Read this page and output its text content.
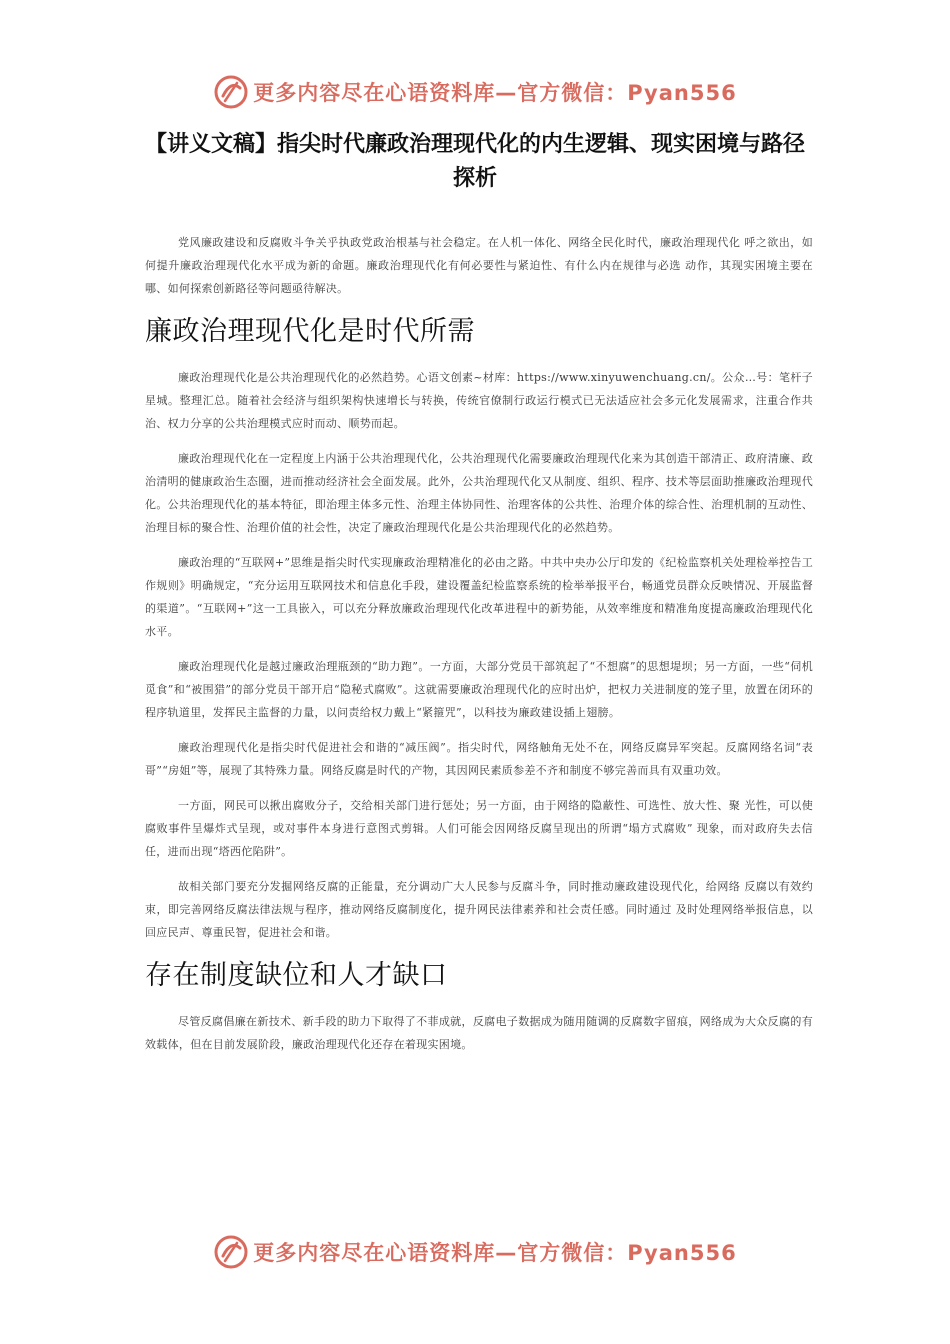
更多内容尽在心语资料库—官方微信：Pyan556
【讲义文稿】指尖时代廉政治理现代化的内生逻辑、现实困境与路径探析

党风廉政建设和反腐败斗争关乎执政党政治根基与社会稳定。在人机一体化、网络全民化时代，廉政治理现代化 呼之欲出，如何提升廉政治理现代化水平成为新的命题。廉政治理现代化有何必要性与紧迫性、有什么内在规律与必选 动作，其现实困境主要在哪、如何探索创新路径等问题亟待解决。

廉政治理现代化是时代所需

廉政治理现代化是公共治理现代化的必然趋势。心语文创素~材库：https://www.xinyuwenchuang.cn/。公众…号：笔杆子星城。整理汇总。随着社会经济与组织架构快速增长与转换，传统官僚制行政运行模式已无法适应社会多元化发展需求，注重合作共治、权力分享的公共治理模式应时而动、顺势而起。

廉政治理现代化在一定程度上内涵于公共治理现代化，公共治理现代化需要廉政治理现代化来为其创造干部清正、政府清廉、政治清明的健康政治生态圈，进而推动经济社会全面发展。此外，公共治理现代化又从制度、组织、程序、技术等层面助推廉政治理现代化。公共治理现代化的基本特征，即治理主体多元性、治理主体协同性、治理客体的公共性、治理介体的综合性、治理机制的互动性、治理目标的聚合性、治理价值的社会性，决定了廉政治理现代化是公共治理现代化的必然趋势。

廉政治理的“互联网+”思维是指尖时代实现廉政治理精准化的必由之路。中共中央办公厅印发的《纪检监察机关处理检举控告工作规则》明确规定，“充分运用互联网技术和信息化手段，建设覆盖纪检监察系统的检举举报平台，畅通党员群众反映情况、开展监督的渠道”。“互联网+”这一工具嵌入，可以充分释放廉政治理现代化改革进程中的新势能，从效率维度和精准角度提高廉政治理现代化水平。

廉政治理现代化是越过廉政治理瓶颈的“助力跑”。一方面，大部分党员干部筑起了“不想腐”的思想堤坝；另一方面，一些“伺机觅食”和“被围猎”的部分党员干部开启“隐秘式腐败”。这就需要廉政治理现代化的应时出炉，把权力关进制度的笼子里，放置在闭环的程序轨道里，发挥民主监督的力量，以问责给权力戴上“紧箍咒”，以科技为廉政建设插上翅膀。

廉政治理现代化是指尖时代促进社会和谐的“减压阀”。指尖时代，网络触角无处不在，网络反腐异军突起。反腐网络名词“表哥”“房姐”等，展现了其特殊力量。网络反腐是时代的产物，其因网民素质参差不齐和制度不够完善而具有双重功效。

一方面，网民可以揪出腐败分子，交给相关部门进行惩处；另一方面，由于网络的隐蔽性、可选性、放大性、聚 光性，可以使腐败事件呈爆炸式呈现，或对事件本身进行意图式剪辑。人们可能会因网络反腐呈现出的所谓“塌方式腐败” 现象，而对政府失去信任，进而出现“塔西佗陷阱”。

故相关部门要充分发掘网络反腐的正能量，充分调动广大人民参与反腐斗争，同时推动廉政建设现代化，给网络 反腐以有效约束，即完善网络反腐法律法规与程序，推动网络反腐制度化，提升网民法律素养和社会责任感。同时通过 及时处理网络举报信息，以回应民声、尊重民智，促进社会和谐。

存在制度缺位和人才缺口

尽管反腐倡廉在新技术、新手段的助力下取得了不菲成就，反腐电子数据成为随用随调的反腐数字留痕，网络成为大众反腐的有效载体，但在目前发展阶段，廉政治理现代化还存在着现实困境。

更多内容尽在心语资料库—官方微信：Pyan556
